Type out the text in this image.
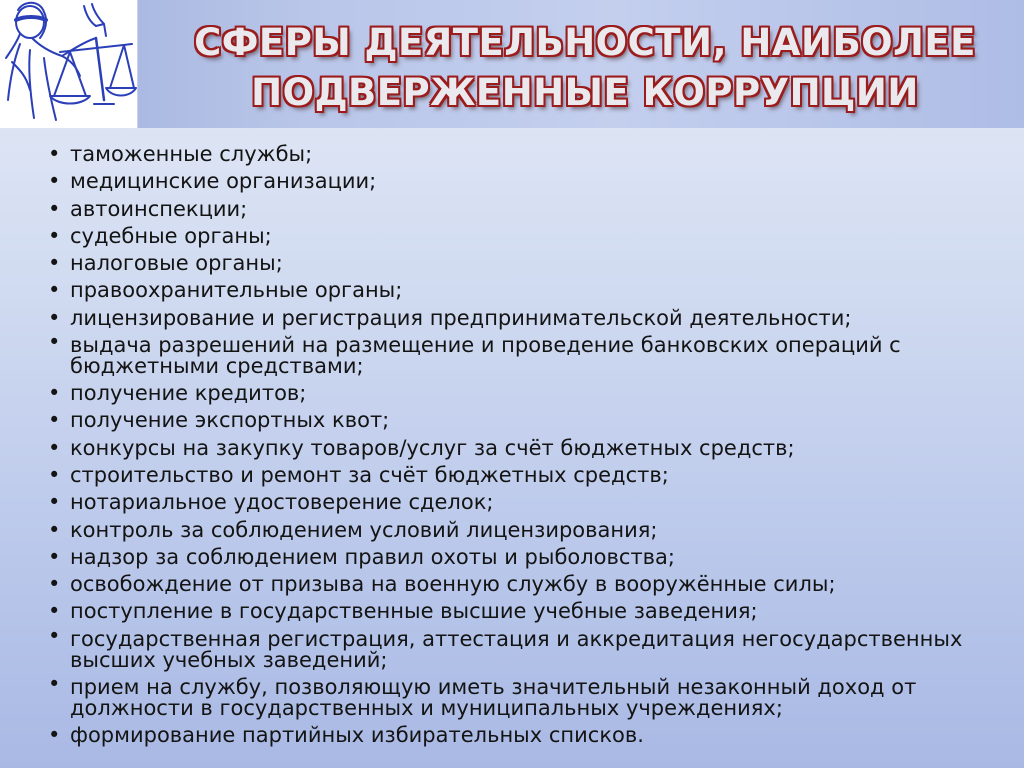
СФЕРЫ ДЕЯТЕЛЬНОСТИ, НАИБОЛЕЕ
ПОДВЕРЖЕННЫЕ КОРРУПЦИИ
• таможенные службы;
• медицинские организации;
• автоинспекции;
• судебные органы;
• налоговые органы;
• правоохранительные органы;
• лицензирование и регистрация предпринимательской деятельности;
• выдача разрешений на размещение и проведение банковских операций с бюджетными средствами;
• получение кредитов;
• получение экспортных квот;
• конкурсы на закупку товаров/услуг за счёт бюджетных средств;
• строительство и ремонт за счёт бюджетных средств;
• нотариальное удостоверение сделок;
• контроль за соблюдением условий лицензирования;
• надзор за соблюдением правил охоты и рыболовства;
• освобождение от призыва на военную службу в вооружённые силы;
• поступление в государственные высшие учебные заведения;
• государственная регистрация, аттестация и аккредитация негосударственных высших учебных заведений;
• прием на службу, позволяющую иметь значительный незаконный доход от должности в государственных и муниципальных учреждениях;
• формирование партийных избирательных списков.
